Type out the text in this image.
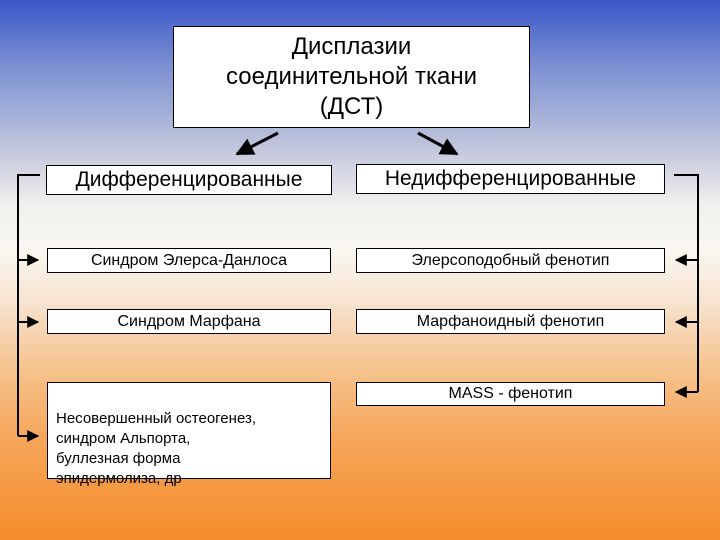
Дисплазии
соединительной ткани
(ДСТ)
Дифференцированные	Недифференцированные
Синдром Элерса-Данлоса
Синдром Марфана

Несовершенный остеогенез,
синдром Альпорта,
буллезная форма
эпидермолиза, др

Элерсоподобный фенотип
Марфаноидный фенотип
MASS - фенотип
